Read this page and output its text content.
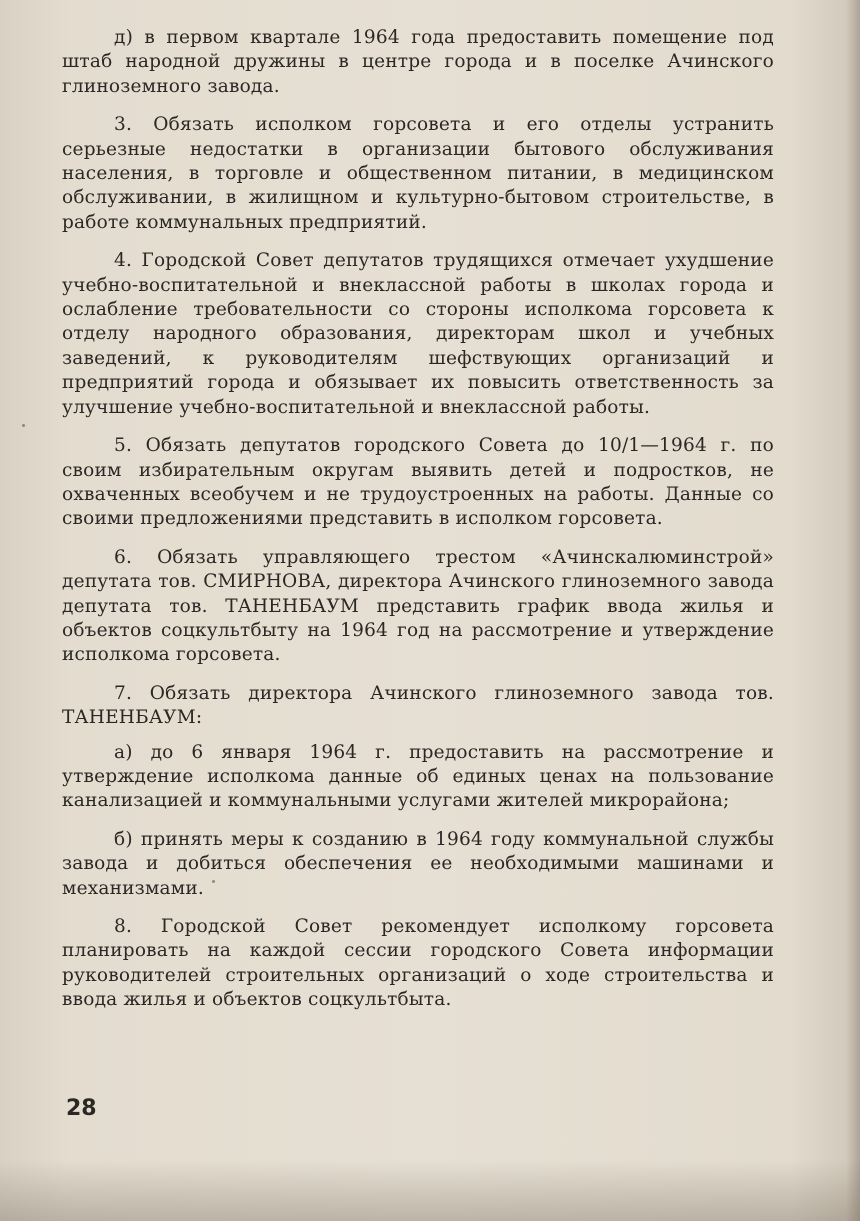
д) в первом квартале 1964 года предоставить помещение под штаб народной дружины в центре города и в поселке Ачинского глиноземного завода.

3. Обязать исполком горсовета и его отделы устранить серьезные недостатки в организации бытового обслуживания населения, в торговле и общественном питании, в медицинском обслуживании, в жилищном и культурно-бытовом строительстве, в работе коммунальных предприятий.

4. Городской Совет депутатов трудящихся отмечает ухудшение учебно-воспитательной и внеклассной работы в школах города и ослабление требовательности со стороны исполкома горсовета к отделу народного образования, директорам школ и учебных заведений, к руководителям шефствующих организаций и предприятий города и обязывает их повысить ответственность за улучшение учебно-воспитательной и внеклассной работы.

5. Обязать депутатов городского Совета до 10/1—1964 г. по своим избирательным округам выявить детей и подростков, не охваченных всеобучем и не трудоустроенных на работы. Данные со своими предложениями представить в исполком горсовета.

6. Обязать управляющего трестом «Ачинскалюминстрой» депутата тов. СМИРНОВА, директора Ачинского глиноземного завода депутата тов. ТАНЕНБАУМ представить график ввода жилья и объектов соцкультбыту на 1964 год на рассмотрение и утверждение исполкома горсовета.

7. Обязать директора Ачинского глиноземного завода тов. ТАНЕНБАУМ:

а) до 6 января 1964 г. предоставить на рассмотрение и утверждение исполкома данные об единых ценах на пользование канализацией и коммунальными услугами жителей микрорайона;

б) принять меры к созданию в 1964 году коммунальной службы завода и добиться обеспечения ее необходимыми машинами и механизмами.

8. Городской Совет рекомендует исполкому горсовета планировать на каждой сессии городского Совета информации руководителей строительных организаций о ходе строительства и ввода жилья и объектов соцкультбыта.

28
